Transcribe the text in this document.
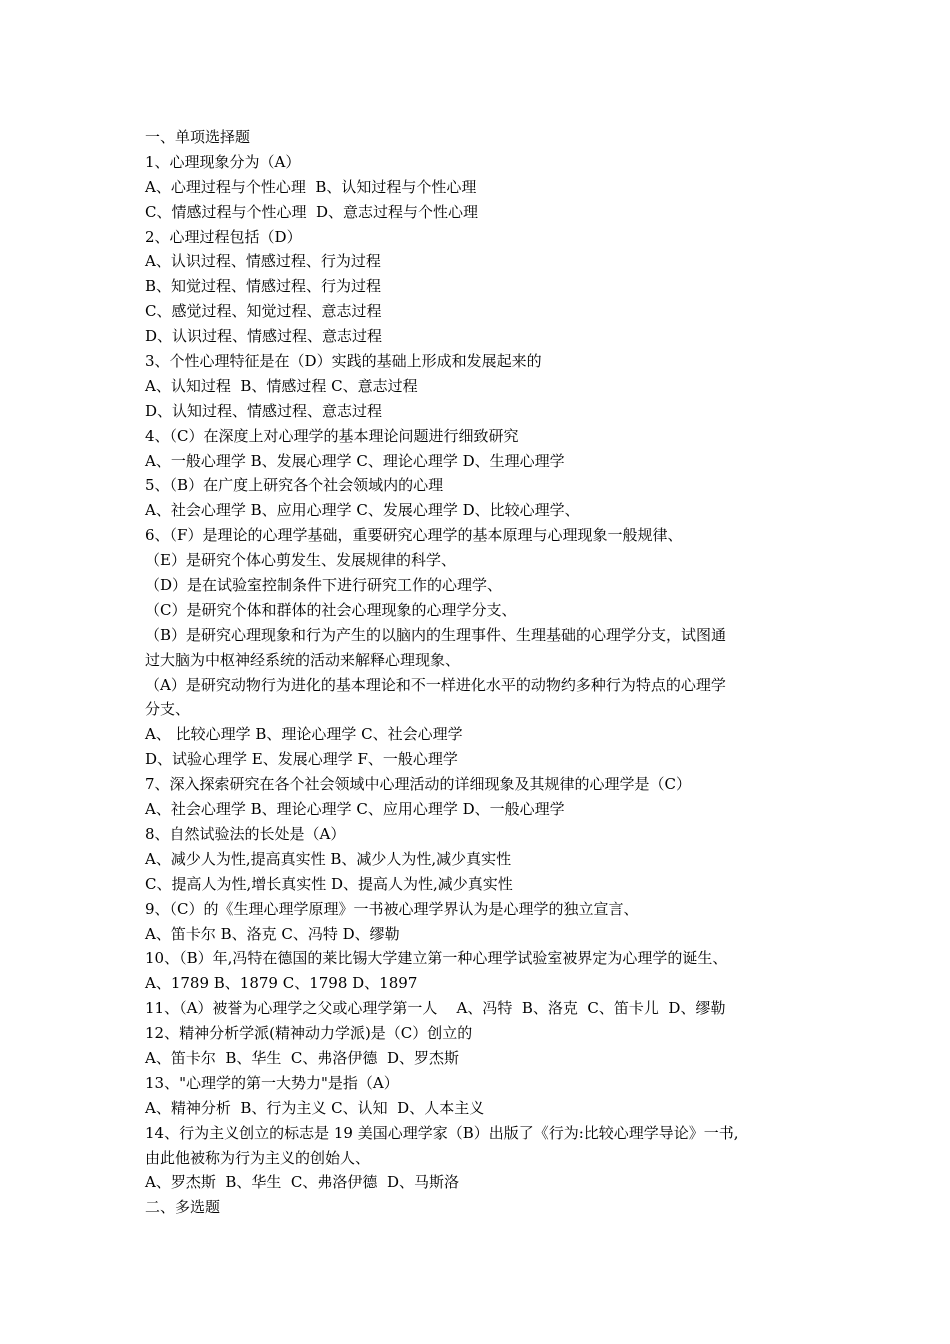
一、单项选择题
1、心理现象分为（A）
A、心理过程与个性心理  B、认知过程与个性心理
C、情感过程与个性心理  D、意志过程与个性心理
2、心理过程包括（D）
A、认识过程、情感过程、行为过程
B、知觉过程、情感过程、行为过程
C、感觉过程、知觉过程、意志过程
D、认识过程、情感过程、意志过程
3、个性心理特征是在（D）实践的基础上形成和发展起来的
A、认知过程  B、情感过程 C、意志过程
D、认知过程、情感过程、意志过程
4、（C）在深度上对心理学的基本理论问题进行细致研究
A、一般心理学 B、发展心理学 C、理论心理学 D、生理心理学
5、（B）在广度上研究各个社会领域内的心理
A、社会心理学 B、应用心理学 C、发展心理学 D、比较心理学、
6、（F）是理论的心理学基础，重要研究心理学的基本原理与心理现象一般规律、
（E）是研究个体心剪发生、发展规律的科学、
（D）是在试验室控制条件下进行研究工作的心理学、
（C）是研究个体和群体的社会心理现象的心理学分支、
（B）是研究心理现象和行为产生的以脑内的生理事件、生理基础的心理学分支，试图通
过大脑为中枢神经系统的活动来解释心理现象、
（A）是研究动物行为进化的基本理论和不一样进化水平的动物约多种行为特点的心理学
分支、
A、 比较心理学 B、理论心理学 C、社会心理学
D、试验心理学 E、发展心理学 F、一般心理学
7、深入探索研究在各个社会领域中心理活动的详细现象及其规律的心理学是（C）
A、社会心理学 B、理论心理学 C、应用心理学 D、一般心理学
8、自然试验法的长处是（A）
A、减少人为性,提高真实性 B、减少人为性,减少真实性
C、提高人为性,增长真实性 D、提高人为性,减少真实性
9、（C）的《生理心理学原理》一书被心理学界认为是心理学的独立宣言、
A、笛卡尔 B、洛克 C、冯特 D、缪勒
10、（B）年,冯特在德国的莱比锡大学建立第一种心理学试验室被界定为心理学的诞生、
A、1789 B、1879 C、1798 D、1897
11、（A）被誉为心理学之父或心理学第一人    A、冯特  B、洛克  C、笛卡儿  D、缪勒
12、精神分析学派(精神动力学派)是（C）创立的
A、笛卡尔  B、华生  C、弗洛伊德  D、罗杰斯
13、"心理学的第一大势力"是指（A）
A、精神分析  B、行为主义 C、认知  D、人本主义
14、行为主义创立的标志是 19 美国心理学家（B）出版了《行为:比较心理学导论》一书,
由此他被称为行为主义的创始人、
A、罗杰斯  B、华生  C、弗洛伊德  D、马斯洛
二、多选题
